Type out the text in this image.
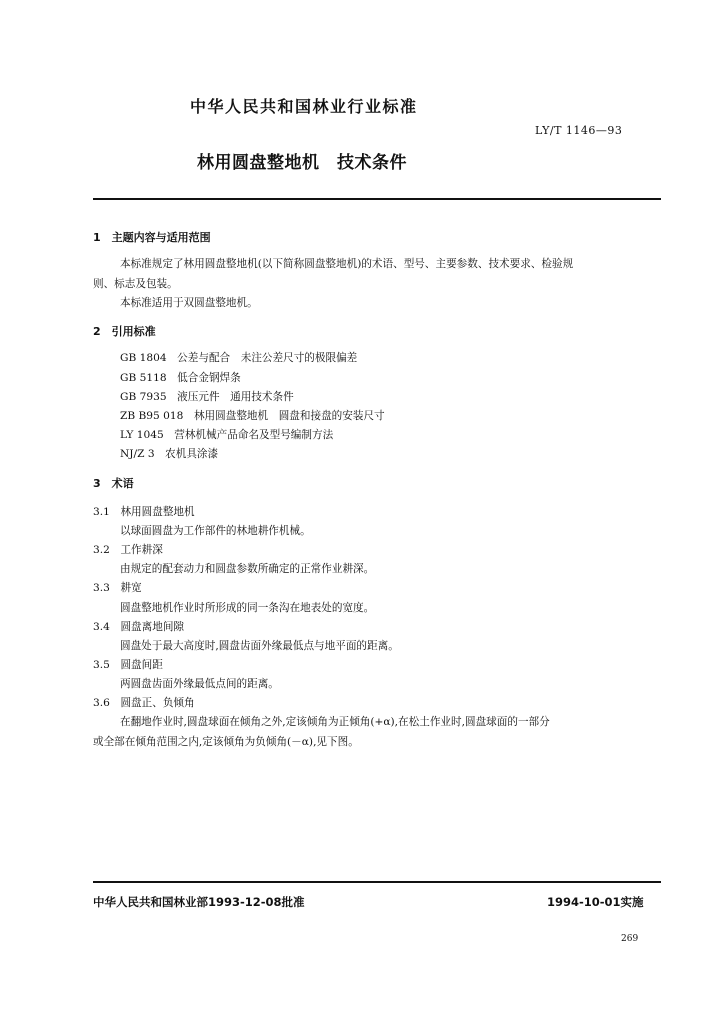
中华人民共和国林业行业标准
LY/T 1146—93
林用圆盘整地机　技术条件
1　主题内容与适用范围
本标准规定了林用圆盘整地机(以下简称圆盘整地机)的术语、型号、主要参数、技术要求、检验规
则、标志及包装。
本标准适用于双圆盘整地机。
2　引用标准
GB 1804　公差与配合　未注公差尺寸的极限偏差
GB 5118　低合金钢焊条
GB 7935　液压元件　通用技术条件
ZB B95 018　林用圆盘整地机　圆盘和接盘的安装尺寸
LY 1045　营林机械产品命名及型号编制方法
NJ/Z 3　农机具涂漆
3　术语
3.1　林用圆盘整地机
以球面圆盘为工作部件的林地耕作机械。
3.2　工作耕深
由规定的配套动力和圆盘参数所确定的正常作业耕深。
3.3　耕宽
圆盘整地机作业时所形成的同一条沟在地表处的宽度。
3.4　圆盘离地间隙
圆盘处于最大高度时,圆盘齿面外缘最低点与地平面的距离。
3.5　圆盘间距
两圆盘齿面外缘最低点间的距离。
3.6　圆盘正、负倾角
在翻地作业时,圆盘球面在倾角之外,定该倾角为正倾角(+α),在松土作业时,圆盘球面的一部分
或全部在倾角范围之内,定该倾角为负倾角(－α),见下图。
中华人民共和国林业部1993-12-08批准	1994-10-01实施
269
